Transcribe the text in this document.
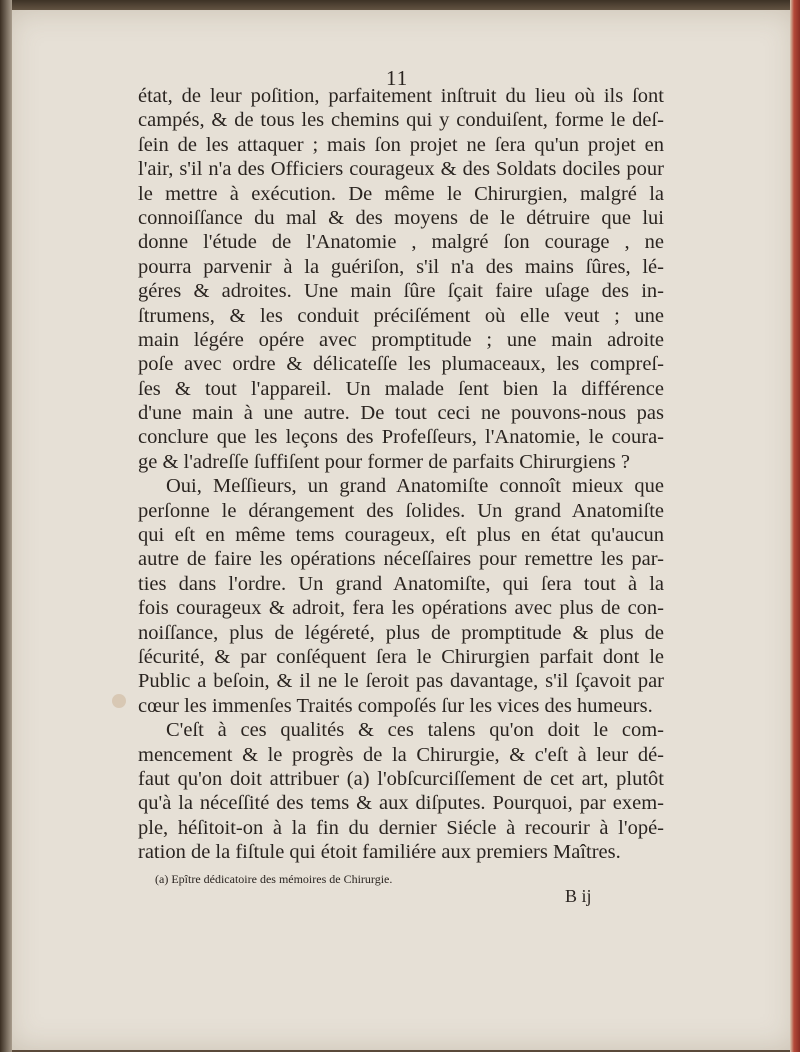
11
état, de leur poſition, parfaitement inſtruit du lieu où ils ſont
campés, & de tous les chemins qui y conduiſent, forme le deſ-
ſein de les attaquer ; mais ſon projet ne ſera qu'un projet en
l'air, s'il n'a des Officiers courageux & des Soldats dociles pour
le mettre à exécution. De même le Chirurgien, malgré la
connoiſſance du mal & des moyens de le détruire que lui
donne l'étude de l'Anatomie , malgré ſon courage , ne
pourra parvenir à la guériſon, s'il n'a des mains ſûres, lé-
géres & adroites. Une main ſûre ſçait faire uſage des in-
ſtrumens, & les conduit préciſément où elle veut ; une
main légére opére avec promptitude ; une main adroite
poſe avec ordre & délicateſſe les plumaceaux, les compreſ-
ſes & tout l'appareil. Un malade ſent bien la différence
d'une main à une autre. De tout ceci ne pouvons-nous pas
conclure que les leçons des Profeſſeurs, l'Anatomie, le coura-
ge & l'adreſſe ſuffiſent pour former de parfaits Chirurgiens ?
Oui, Meſſieurs, un grand Anatomiſte connoît mieux que
perſonne le dérangement des ſolides. Un grand Anatomiſte
qui eſt en même tems courageux, eſt plus en état qu'aucun
autre de faire les opérations néceſſaires pour remettre les par-
ties dans l'ordre. Un grand Anatomiſte, qui ſera tout à la
fois courageux & adroit, fera les opérations avec plus de con-
noiſſance, plus de légéreté, plus de promptitude & plus de
ſécurité, & par conſéquent ſera le Chirurgien parfait dont le
Public a beſoin, & il ne le ſeroit pas davantage, s'il ſçavoit par
cœur les immenſes Traités compoſés ſur les vices des humeurs.
C'eſt à ces qualités & ces talens qu'on doit le com-
mencement & le progrès de la Chirurgie, & c'eſt à leur dé-
faut qu'on doit attribuer (a) l'obſcurciſſement de cet art, plutôt
qu'à la néceſſité des tems & aux diſputes. Pourquoi, par exem-
ple, héſitoit-on à la fin du dernier Siécle à recourir à l'opé-
ration de la fiſtule qui étoit familiére aux premiers Maîtres.
(a) Epître dédicatoire des mémoires de Chirurgie.
B ij
